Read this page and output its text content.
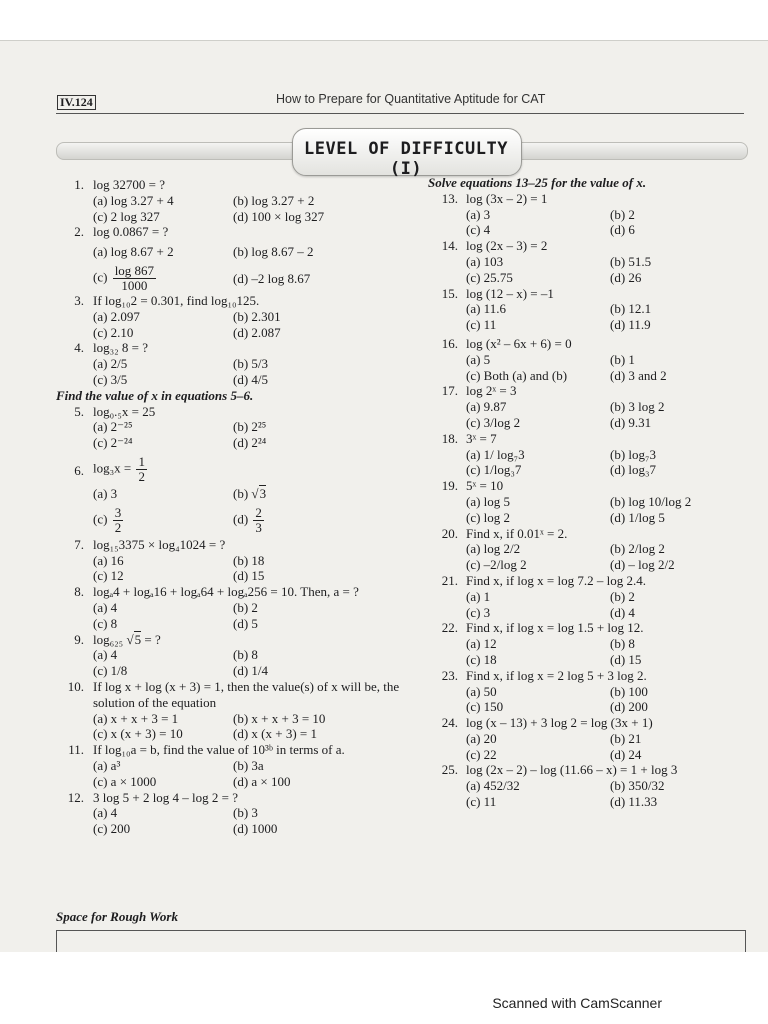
IV.124	How to Prepare for Quantitative Aptitude for CAT
LEVEL OF DIFFICULTY (I)
1. log 32700 = ?
(a) log 3.27 + 4	(b) log 3.27 + 2
(c) 2 log 327	(d) 100 × log 327
2. log 0.0867 = ?
(a) log 8.67 + 2	(b) log 8.67 – 2
$(c) \frac{\log 867}{1000}$	(d) –2 log 8.67
3. If log₁₀2 = 0.301, find log₁₀125.
(a) 2.097	(b) 2.301
(c) 2.10	(d) 2.087
4. log₃₂ 8 = ?
(a) 2/5	(b) 5/3
(c) 3/5	(d) 4/5
Find the value of x in equations 5–6.
5. log₀.₅x = 25
(a) 2⁻²⁵	(b) 2²⁵
(c) 2⁻²⁴	(d) 2²⁴
6. $\log_3x = \frac{1}{2}$
(a) 3	(b) √3
$(c) \frac{3}{2}$	$(d) \frac{2}{3}$
7. log₁₅3375 × log₄1024 = ?
(a) 16	(b) 18
(c) 12	(d) 15
8. logₐ4 + logₐ16 + logₐ64 + logₐ256 = 10. Then, a = ?
(a) 4	(b) 2
(c) 8	(d) 5
9. log₆₂₅ √5 = ?
(a) 4	(b) 8
(c) 1/8	(d) 1/4
10. If log x + log (x + 3) = 1, then the value(s) of x will be, the solution of the equation
(a) x + x + 3 = 1	(b) x + x + 3 = 10
(c) x (x + 3) = 10	(d) x (x + 3) = 1
11. If log₁₀a = b, find the value of 10³ᵇ in terms of a.
(a) a³	(b) 3a
(c) a × 1000	(d) a × 100
12. 3 log 5 + 2 log 4 – log 2 = ?
(a) 4	(b) 3
(c) 200	(d) 1000
Solve equations 13–25 for the value of x.
13. log (3x – 2) = 1
(a) 3	(b) 2
(c) 4	(d) 6
14. log (2x – 3) = 2
(a) 103	(b) 51.5
(c) 25.75	(d) 26
15. log (12 – x) = –1
(a) 11.6	(b) 12.1
(c) 11	(d) 11.9
16. log (x² – 6x + 6) = 0
(a) 5	(b) 1
(c) Both (a) and (b)	(d) 3 and 2
17. log 2ˣ = 3
(a) 9.87	(b) 3 log 2
(c) 3/log 2	(d) 9.31
18. 3ˣ = 7
(a) 1/ log₇3	(b) log₇3
(c) 1/log₃7	(d) log₃7
19. 5ˣ = 10
(a) log 5	(b) log 10/log 2
(c) log 2	(d) 1/log 5
20. Find x, if 0.01ˣ = 2.
(a) log 2/2	(b) 2/log 2
(c) –2/log 2	(d) – log 2/2
21. Find x, if log x = log 7.2 – log 2.4.
(a) 1	(b) 2
(c) 3	(d) 4
22. Find x, if log x = log 1.5 + log 12.
(a) 12	(b) 8
(c) 18	(d) 15
23. Find x, if log x = 2 log 5 + 3 log 2.
(a) 50	(b) 100
(c) 150	(d) 200
24. log (x – 13) + 3 log 2 = log (3x + 1)
(a) 20	(b) 21
(c) 22	(d) 24
25. log (2x – 2) – log (11.66 – x) = 1 + log 3
(a) 452/32	(b) 350/32
(c) 11	(d) 11.33
Space for Rough Work
Scanned with CamScanner
